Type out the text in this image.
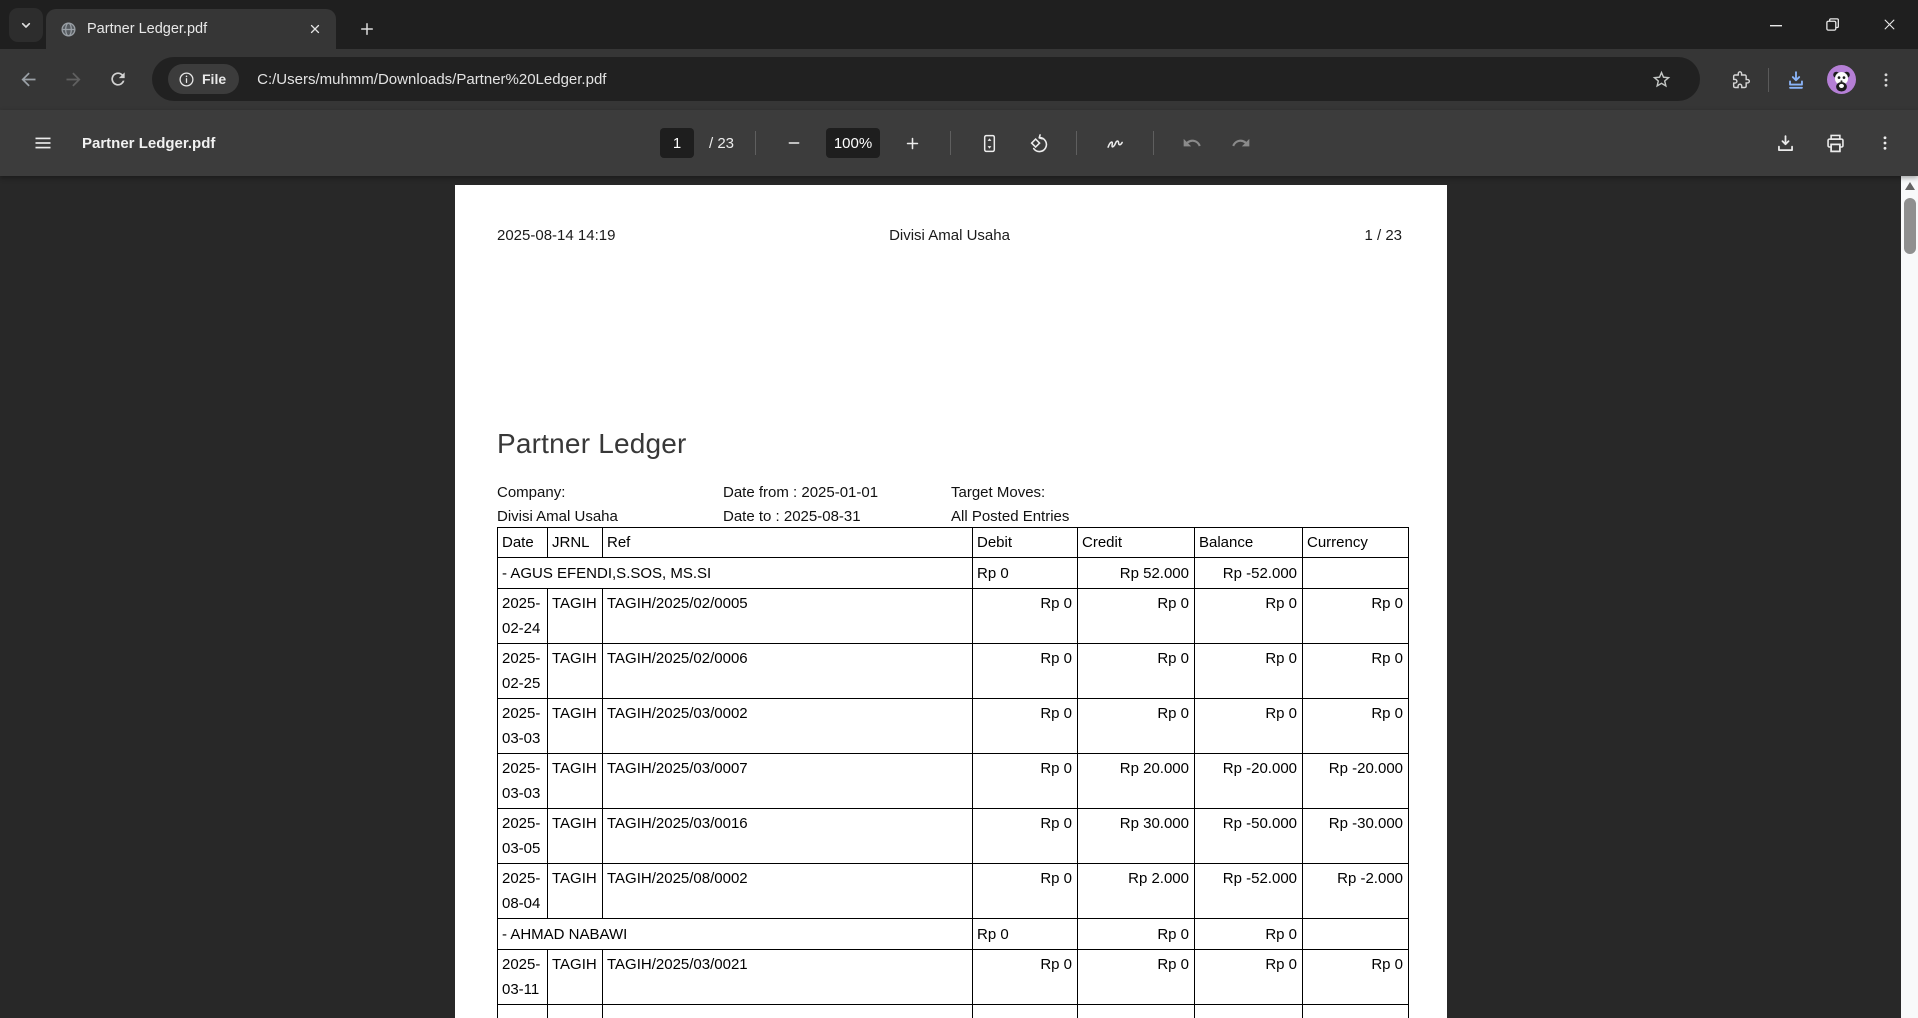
Partner Ledger.pdf
File C:/Users/muhmm/Downloads/Partner%20Ledger.pdf
Partner Ledger.pdf	1	/ 23	100%
2025-08-14 14:19	Divisi Amal Usaha	1 / 23
Partner Ledger
Company:
Divisi Amal Usaha
Date from : 2025-01-01
Date to : 2025-08-31
Target Moves:
All Posted Entries
Date	JRNL	Ref	Debit	Credit	Balance	Currency
- AGUS EFENDI,S.SOS, MS.SI			Rp 0	Rp 52.000	Rp -52.000	
2025-
02-24	TAGIH	TAGIH/2025/02/0005	Rp 0	Rp 0	Rp 0	Rp 0
2025-
02-25	TAGIH	TAGIH/2025/02/0006	Rp 0	Rp 0	Rp 0	Rp 0
2025-
03-03	TAGIH	TAGIH/2025/03/0002	Rp 0	Rp 0	Rp 0	Rp 0
2025-
03-03	TAGIH	TAGIH/2025/03/0007	Rp 0	Rp 20.000	Rp -20.000	Rp -20.000
2025-
03-05	TAGIH	TAGIH/2025/03/0016	Rp 0	Rp 30.000	Rp -50.000	Rp -30.000
2025-
08-04	TAGIH	TAGIH/2025/08/0002	Rp 0	Rp 2.000	Rp -52.000	Rp -2.000
- AHMAD NABAWI			Rp 0	Rp 0	Rp 0	
2025-
03-11	TAGIH	TAGIH/2025/03/0021	Rp 0	Rp 0	Rp 0	Rp 0
